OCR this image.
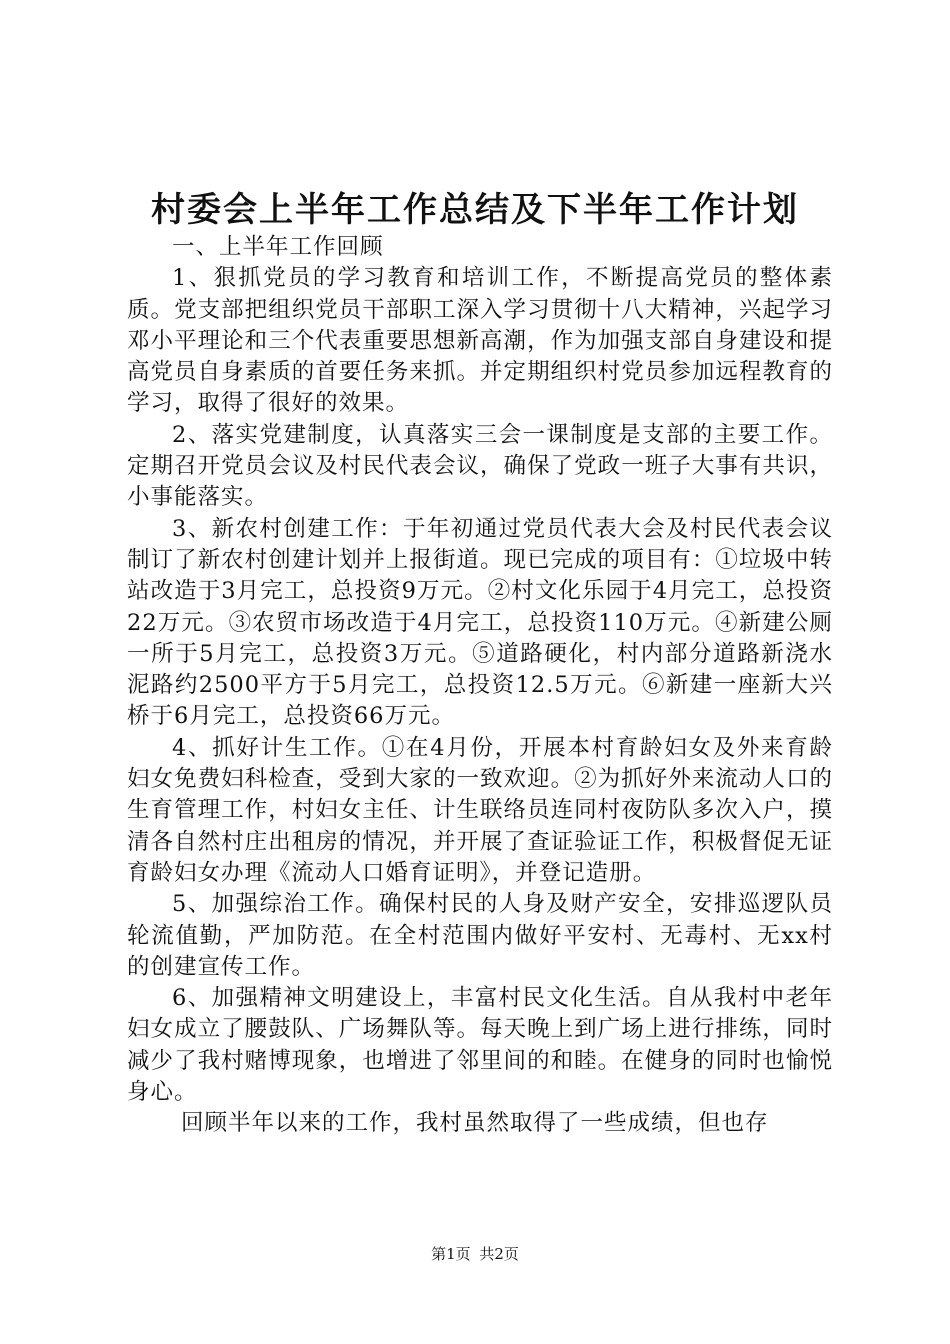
村委会上半年工作总结及下半年工作计划

一、上半年工作回顾

1、狠抓党员的学习教育和培训工作，不断提高党员的整体素质。党支部把组织党员干部职工深入学习贯彻十八大精神，兴起学习邓小平理论和三个代表重要思想新高潮，作为加强支部自身建设和提高党员自身素质的首要任务来抓。并定期组织村党员参加远程教育的学习，取得了很好的效果。

2、落实党建制度，认真落实三会一课制度是支部的主要工作。定期召开党员会议及村民代表会议，确保了党政一班子大事有共识，小事能落实。

3、新农村创建工作：于年初通过党员代表大会及村民代表会议制订了新农村创建计划并上报街道。现已完成的项目有：①垃圾中转站改造于3月完工，总投资9万元。②村文化乐园于4月完工，总投资22万元。③农贸市场改造于4月完工，总投资110万元。④新建公厕一所于5月完工，总投资3万元。⑤道路硬化，村内部分道路新浇水泥路约2500平方于5月完工，总投资12.5万元。⑥新建一座新大兴桥于6月完工，总投资66万元。

4、抓好计生工作。①在4月份，开展本村育龄妇女及外来育龄妇女免费妇科检查，受到大家的一致欢迎。②为抓好外来流动人口的生育管理工作，村妇女主任、计生联络员连同村夜防队多次入户，摸清各自然村庄出租房的情况，并开展了查证验证工作，积极督促无证育龄妇女办理《流动人口婚育证明》，并登记造册。

5、加强综治工作。确保村民的人身及财产安全，安排巡逻队员轮流值勤，严加防范。在全村范围内做好平安村、无毒村、无xx村的创建宣传工作。

6、加强精神文明建设上，丰富村民文化生活。自从我村中老年妇女成立了腰鼓队、广场舞队等。每天晚上到广场上进行排练，同时减少了我村赌博现象，也增进了邻里间的和睦。在健身的同时也愉悦身心。

回顾半年以来的工作，我村虽然取得了一些成绩，但也存

第1页 共2页
